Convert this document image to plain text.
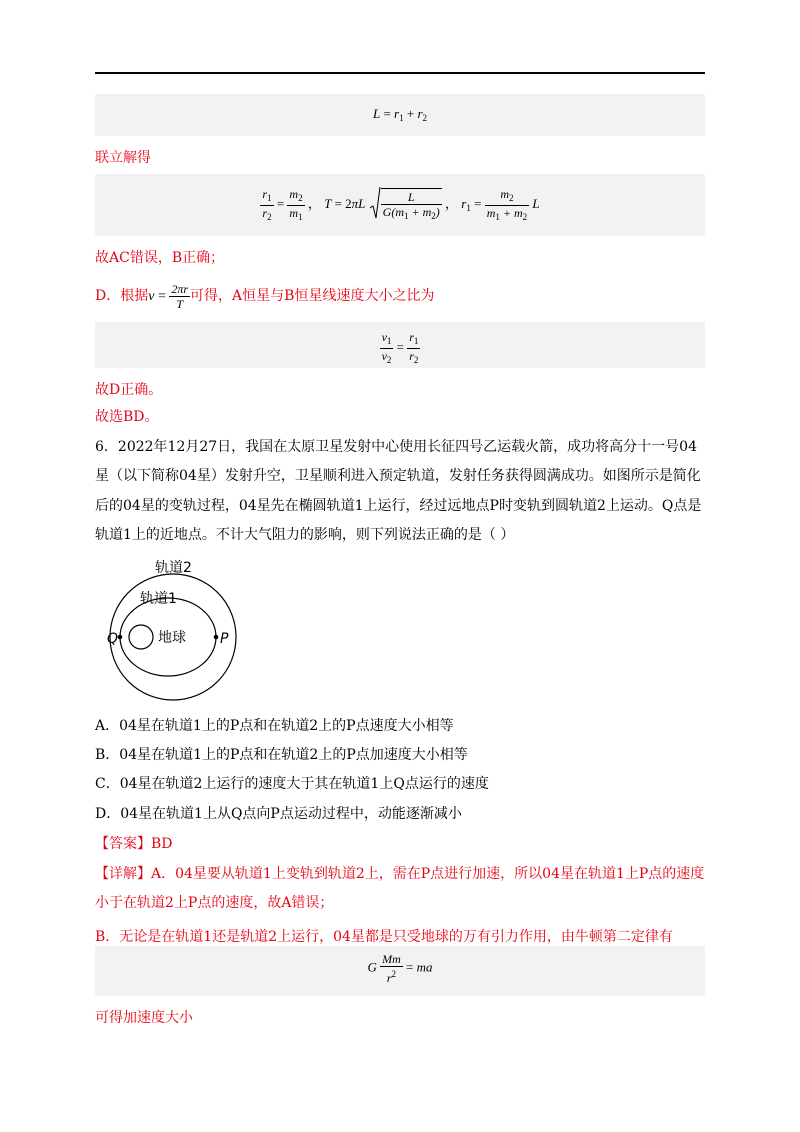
$L = r_1 + r_2$
联立解得
$\frac{r_1}{r_2} = \frac{m_2}{m_1}$ ， $T = 2\pi L \frac{L}{G(m_1 + m_2)}$ ， $r_1 = \frac{m_2}{m_1 + m_2}$ L
故AC错误，B正确；
D．根据$v = \frac{2\pi r}{T}$ 可得，A恒星与B恒星线速度大小之比为
$\frac{v_1}{v_2} = \frac{r_1}{r_2}$
故D正确。
故选BD。
6．2022年12月27日，我国在太原卫星发射中心使用长征四号乙运载火箭，成功将高分十一号04星（以下简称04星）发射升空，卫星顺利进入预定轨道，发射任务获得圆满成功。如图所示是简化后的04星的变轨过程，04星先在椭圆轨道1上运行，经过远地点P时变轨到圆轨道2上运动。Q点是轨道1上的近地点。不计大气阻力的影响，则下列说法正确的是（ ）
轨道2
轨道1
地球
Q	P
A．04星在轨道1上的P点和在轨道2上的P点速度大小相等
B．04星在轨道1上的P点和在轨道2上的P点加速度大小相等
C．04星在轨道2上运行的速度大于其在轨道1上Q点运行的速度
D．04星在轨道1上从Q点向P点运动过程中，动能逐渐减小
【答案】BD
【详解】A．04星要从轨道1上变轨到轨道2上，需在P点进行加速，所以04星在轨道1上P点的速度小于在轨道2上P点的速度，故A错误；
B．无论是在轨道1还是轨道2上运行，04星都是只受地球的万有引力作用，由牛顿第二定律有
G $\frac{Mm}{r^2}$ = ma
可得加速度大小
